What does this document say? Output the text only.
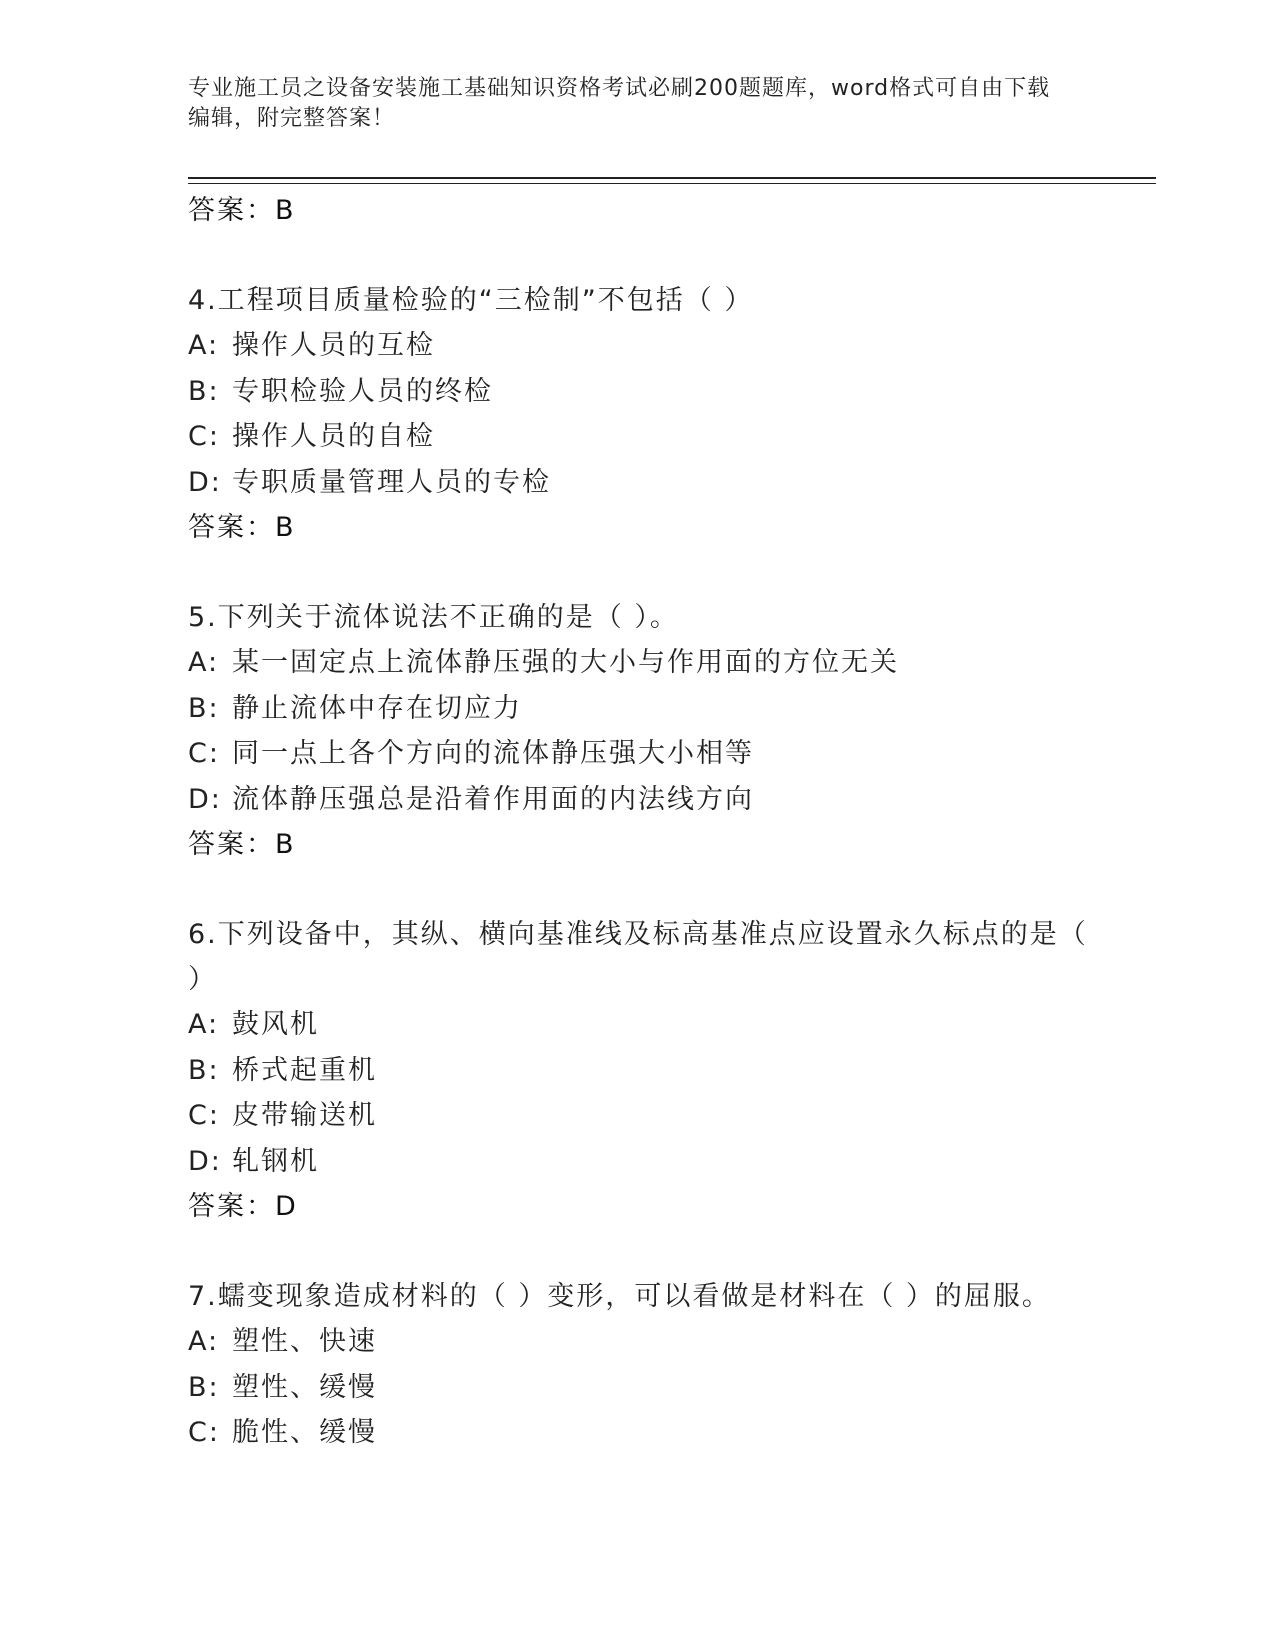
专业施工员之设备安装施工基础知识资格考试必刷200题题库，word格式可自由下载编辑，附完整答案！
答案：B
4.工程项目质量检验的“三检制”不包括（ ）
A: 操作人员的互检
B: 专职检验人员的终检
C: 操作人员的自检
D: 专职质量管理人员的专检
答案：B
5.下列关于流体说法不正确的是（ ）。
A: 某一固定点上流体静压强的大小与作用面的方位无关
B: 静止流体中存在切应力
C: 同一点上各个方向的流体静压强大小相等
D: 流体静压强总是沿着作用面的内法线方向
答案：B
6.下列设备中，其纵、横向基准线及标高基准点应设置永久标点的是（ ）
A: 鼓风机
B: 桥式起重机
C: 皮带输送机
D: 轧钢机
答案：D
7.蠕变现象造成材料的（ ）变形，可以看做是材料在（ ）的屈服。
A: 塑性、快速
B: 塑性、缓慢
C: 脆性、缓慢
